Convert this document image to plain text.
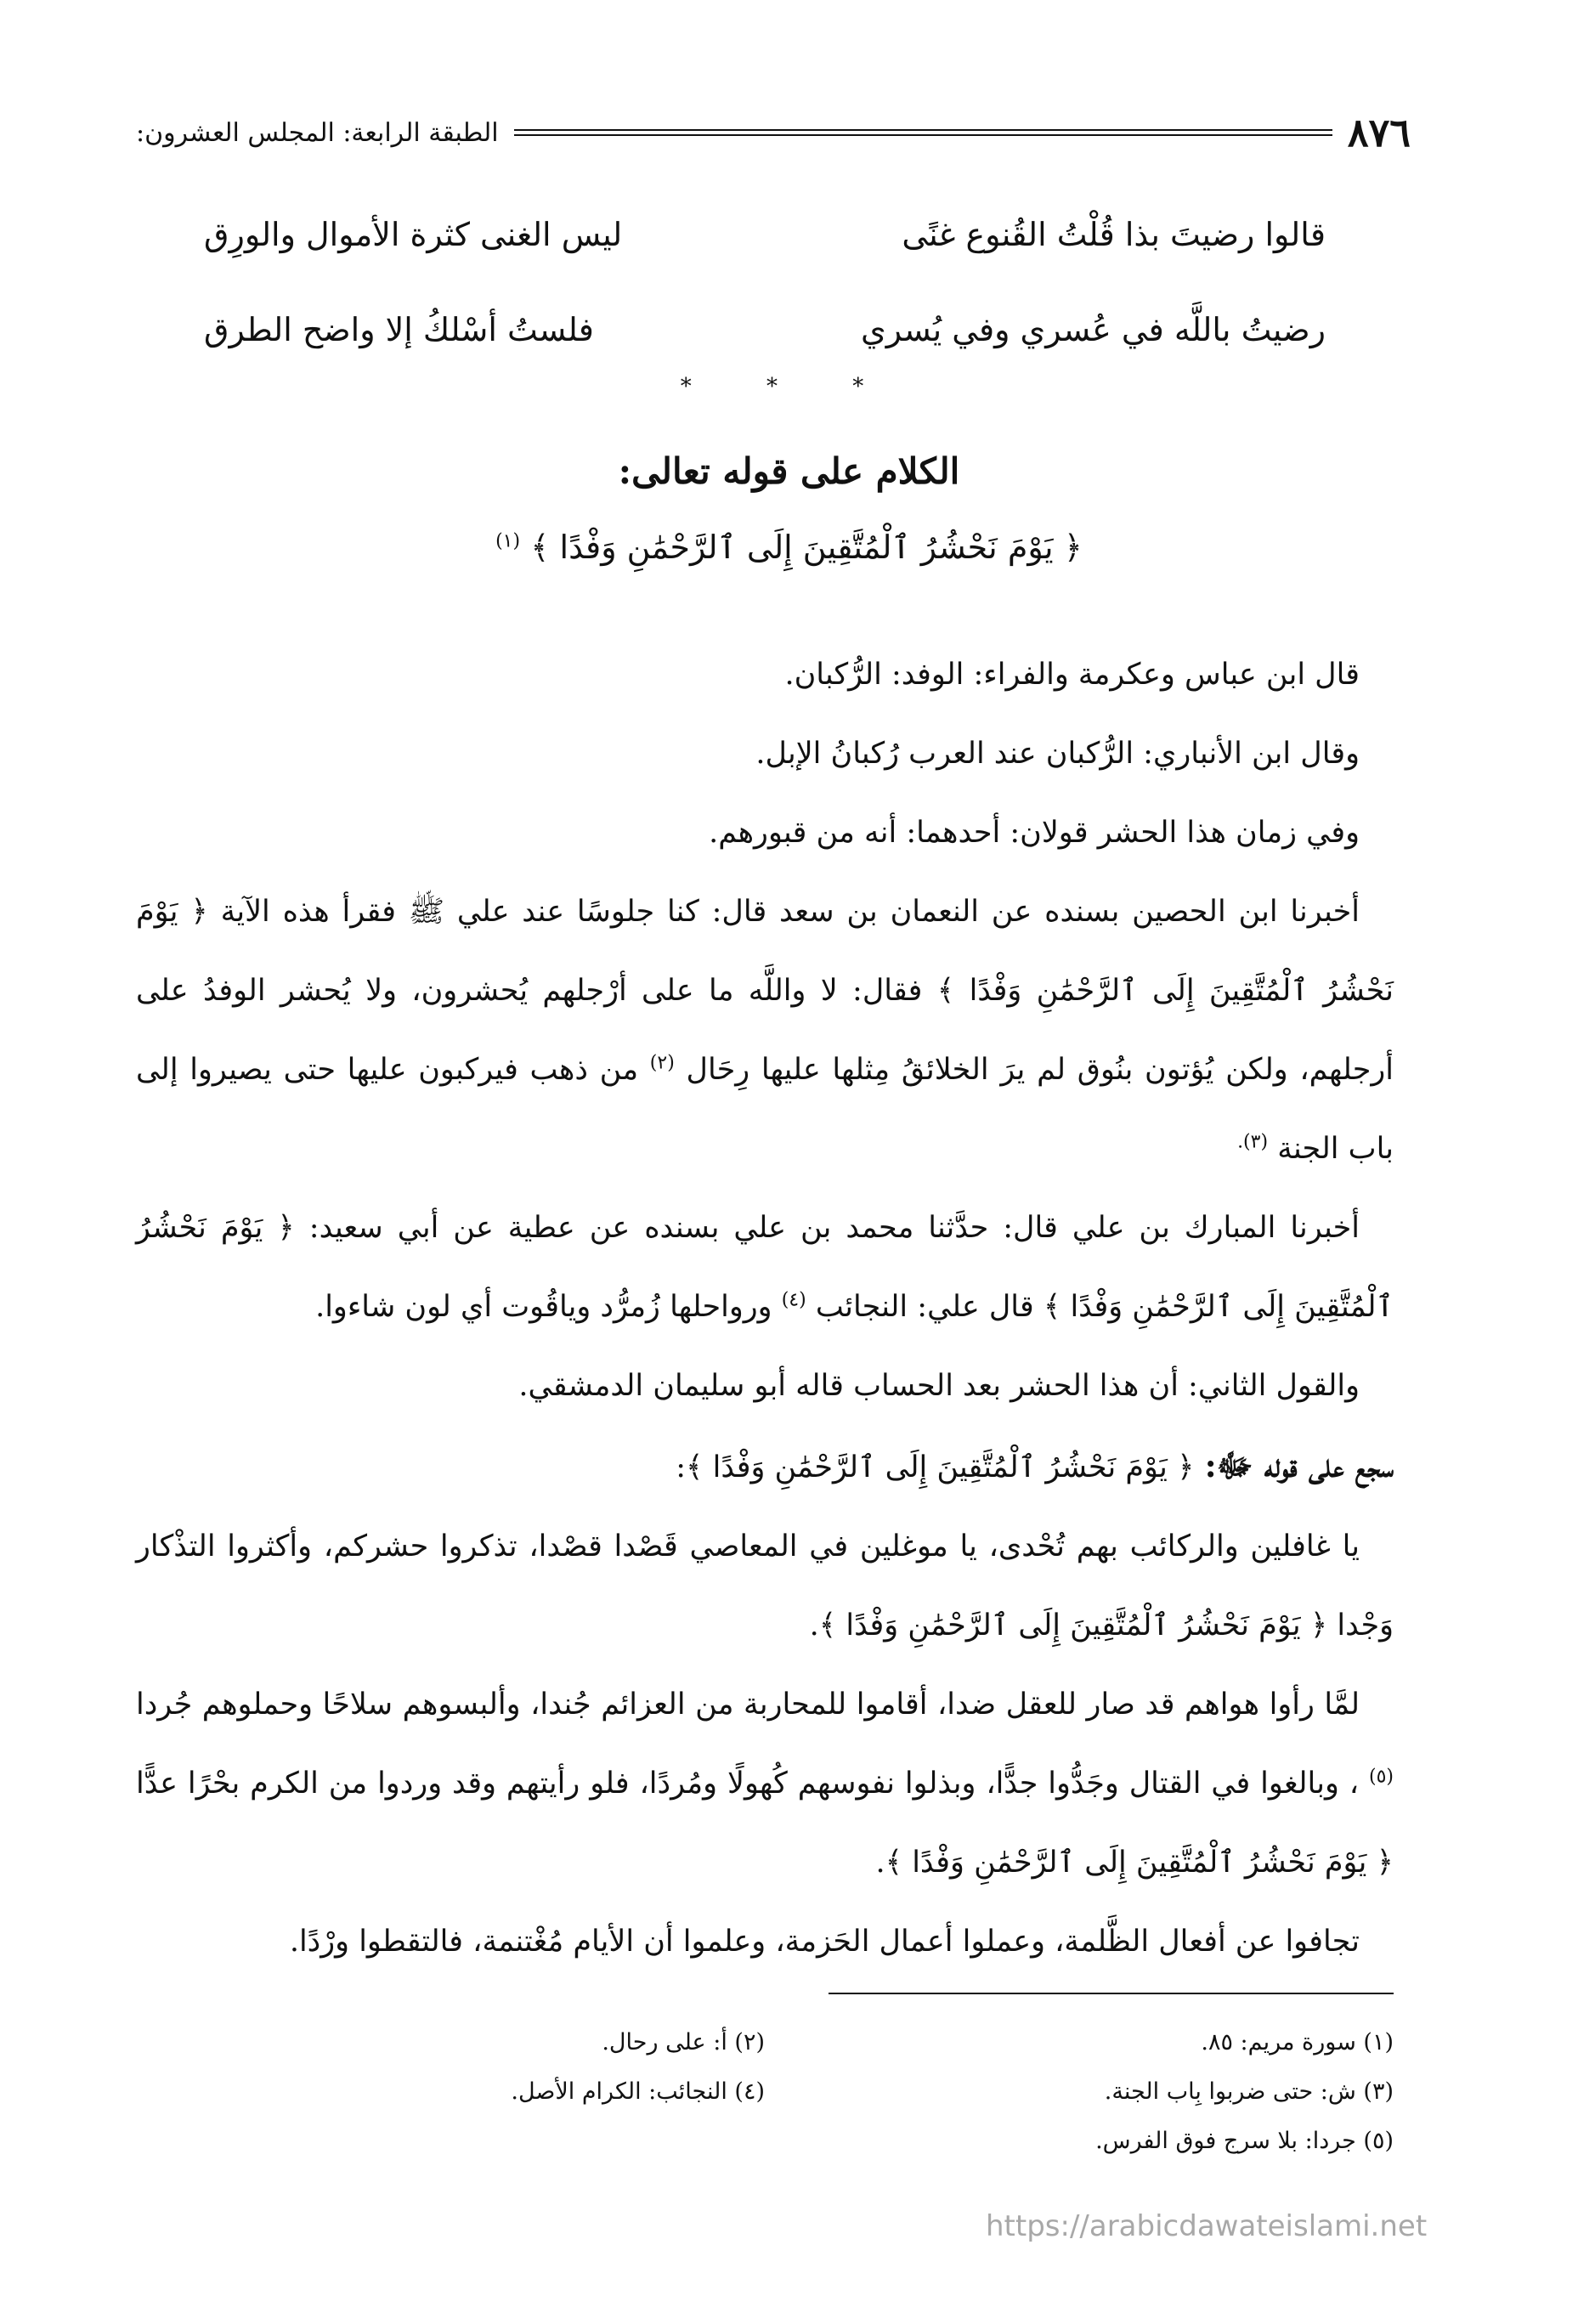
٨٧٦
الطبقة الرابعة: المجلس العشرون:
قالوا رضيتَ بذا قُلْتُ القُنوع غنًى
ليس الغنى كثرة الأموال والورِق
رضيتُ باللَّه في عُسري وفي يُسري
فلستُ أسْلكُ إلا واضح الطرق
* * *
الكلام على قوله تعالى:
﴿ يَوْمَ نَحْشُرُ ٱلْمُتَّقِينَ إِلَى ٱلرَّحْمَٰنِ وَفْدًا ﴾ $^{(١)}$

قال ابن عباس وعكرمة والفراء: الوفد: الرُّكبان.

وقال ابن الأنباري: الرُّكبان عند العرب رُكبانُ الإبل.

وفي زمان هذا الحشر قولان: أحدهما: أنه من قبورهم.

أخبرنا ابن الحصين بسنده عن النعمان بن سعد قال: كنا جلوسًا عند علي ﷺ فقرأ هذه الآية ﴿ يَوْمَ نَحْشُرُ ٱلْمُتَّقِينَ إِلَى ٱلرَّحْمَٰنِ وَفْدًا ﴾ فقال: لا واللَّه ما على أرْجلهم يُحشرون، ولا يُحشر الوفدُ على أرجلهم، ولكن يُؤتون بنُوق لم يرَ الخلائقُ مِثلها عليها رِحَال $^{(٢)}$ من ذهب فيركبون عليها حتى يصيروا إلى باب الجنة $^{(٣).}$

أخبرنا المبارك بن علي قال: حدَّثنا محمد بن علي بسنده عن عطية عن أبي سعيد: ﴿ يَوْمَ نَحْشُرُ ٱلْمُتَّقِينَ إِلَى ٱلرَّحْمَٰنِ وَفْدًا ﴾ قال علي: النجائب $^{(٤)}$ ورواحلها زُمرُّد وياقُوت أي لون شاءوا.

والقول الثاني: أن هذا الحشر بعد الحساب قاله أبو سليمان الدمشقي.

سجع على قوله ﷻ: ﴿ يَوْمَ نَحْشُرُ ٱلْمُتَّقِينَ إِلَى ٱلرَّحْمَٰنِ وَفْدًا ﴾:

يا غافلين والركائب بهم تُحْدى، يا موغلين في المعاصي قَصْدا قصْدا، تذكروا حشركم، وأكثروا التذْكار وَجْدا ﴿ يَوْمَ نَحْشُرُ ٱلْمُتَّقِينَ إِلَى ٱلرَّحْمَٰنِ وَفْدًا ﴾.

لمَّا رأوا هواهم قد صار للعقل ضدا، أقاموا للمحاربة من العزائم جُندا، وألبسوهم سلاحًا وحملوهم جُردا $^{(٥)}$ ، وبالغوا في القتال وجَدُّوا جدًّا، وبذلوا نفوسهم كُهولًا ومُردًا، فلو رأيتهم وقد وردوا من الكرم بحْرًا عدًّا ﴿ يَوْمَ نَحْشُرُ ٱلْمُتَّقِينَ إِلَى ٱلرَّحْمَٰنِ وَفْدًا ﴾.

تجافوا عن أفعال الظَّلمة، وعملوا أعمال الحَزمة، وعلموا أن الأيام مُغْتنمة، فالتقطوا ورْدًا.

(١) سورة مريم: ٨٥.
(٢) أ: على رحال.
(٣) ش: حتى ضربوا بِاب الجنة.
(٤) النجائب: الكرام الأصل.
(٥) جردا: بلا سرج فوق الفرس.
https://arabicdawateislami.net
